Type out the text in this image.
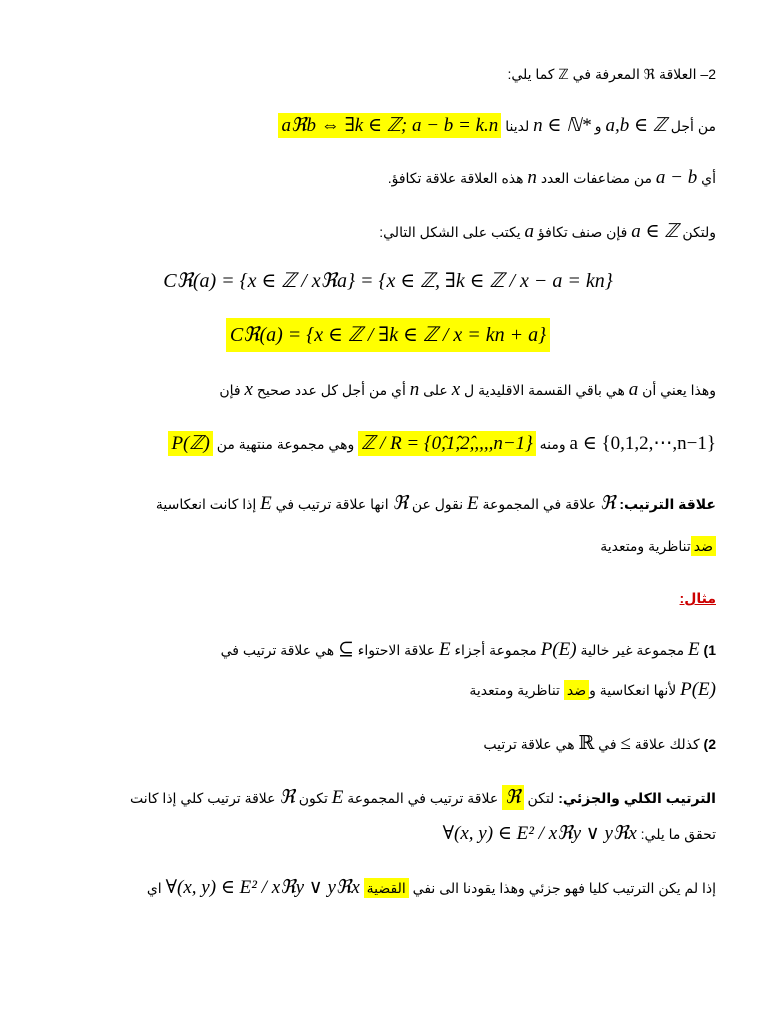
2– العلاقة ℜ المعرفة في ℤ كما يلي:
من أجل a,b ∈ ℤ و n ∈ ℕ* لدينا aℜb ⇔ ∃k ∈ ℤ; a − b = k.n
أي a − b من مضاعفات العدد n هذه العلاقة علاقة تكافؤ.
ولتكن a ∈ ℤ فإن صنف تكافؤ a يكتب على الشكل التالي:
Cℜ(a) = {x ∈ ℤ / xℜa} = {x ∈ ℤ, ∃k ∈ ℤ / x − a = kn}
Cℜ(a) = {x ∈ ℤ / ∃k ∈ ℤ / x = kn + a}
وهذا يعني أن a هي باقي القسمة الاقليدية ل x على n أي من أجل كل عدد صحيح x فإن
a ∈ {0,1,2,⋯,n−1} ومنه ℤ / R = {0̂,1̂,2̂,,,,,n−1} وهي مجموعة منتهية من P(ℤ)
علاقة الترتيب: ℜ علاقة في المجموعة E نقول عن ℜ انها علاقة ترتيب في E إذا كانت انعكاسية
ضدتناظرية ومتعدية
مثال:
1) E مجموعة غير خالية P(E) مجموعة أجزاء E علاقة الاحتواء ⊆ هي علاقة ترتيب في
P(E) لأنها انعكاسية وضد تناظرية ومتعدية
2) كذلك علاقة ≤ في ℝ هي علاقة ترتيب
الترتيب الكلي والجزئي: لتكن ℜ علاقة ترتيب في المجموعة E تكون ℜ علاقة ترتيب كلي إذا كانت
تحقق ما يلي: ∀(x, y) ∈ E² / xℜy ∨ yℜx
إذا لم يكن الترتيب كليا فهو جزئي وهذا يقودنا الى نفي القضية ∀(x, y) ∈ E² / xℜy ∨ yℜx اي
